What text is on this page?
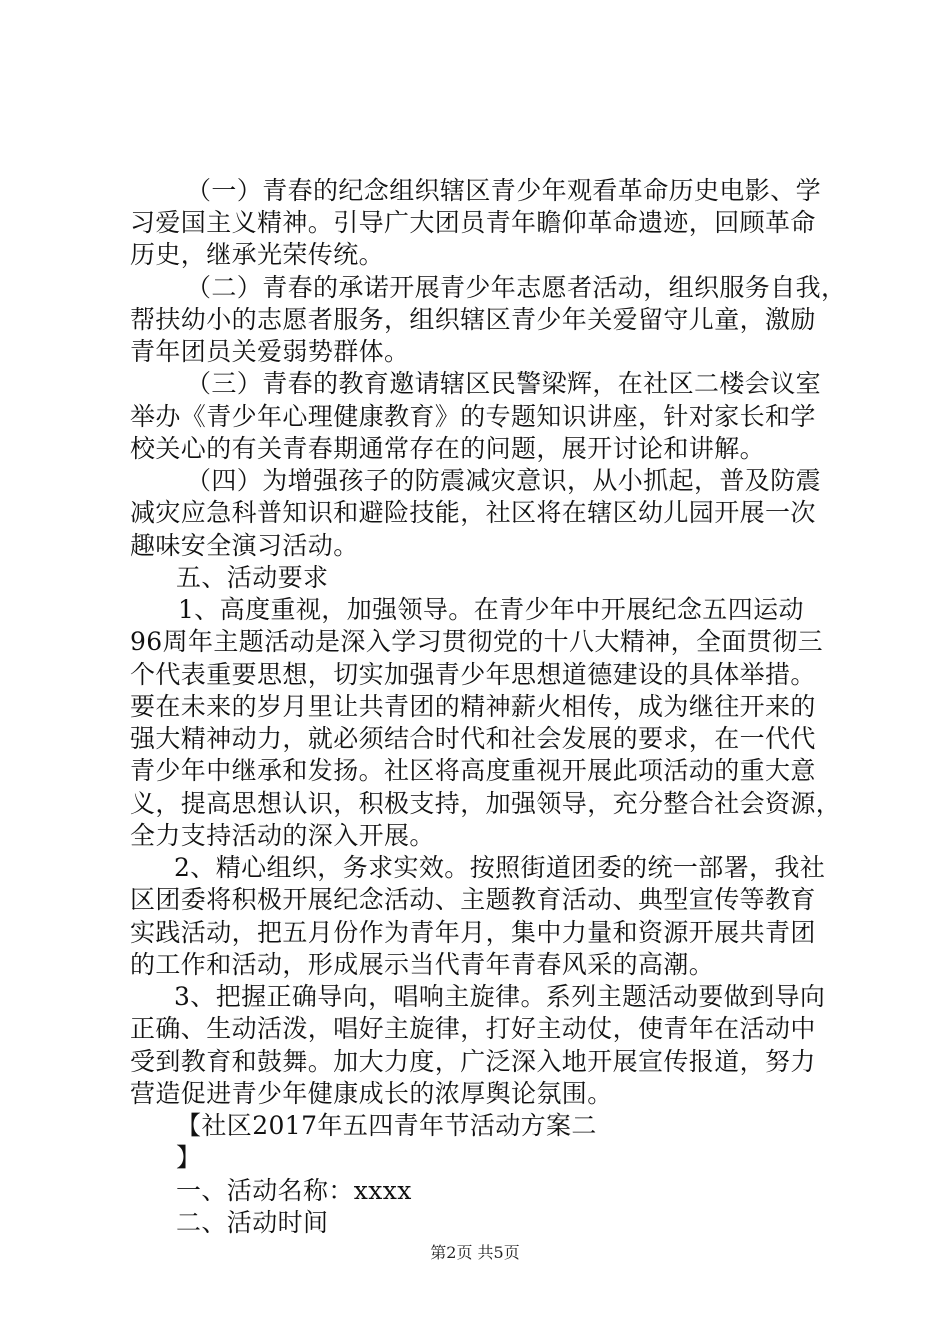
（一）青春的纪念组织辖区青少年观看革命历史电影、学
习爱国主义精神。引导广大团员青年瞻仰革命遗迹，回顾革命
历史，继承光荣传统。
（二）青春的承诺开展青少年志愿者活动，组织服务自我，
帮扶幼小的志愿者服务，组织辖区青少年关爱留守儿童，激励
青年团员关爱弱势群体。
（三）青春的教育邀请辖区民警梁辉，在社区二楼会议室
举办《青少年心理健康教育》的专题知识讲座，针对家长和学
校关心的有关青春期通常存在的问题，展开讨论和讲解。
（四）为增强孩子的防震减灾意识，从小抓起，普及防震
减灾应急科普知识和避险技能，社区将在辖区幼儿园开展一次
趣味安全演习活动。
五、活动要求
1、高度重视，加强领导。在青少年中开展纪念五四运动
96周年主题活动是深入学习贯彻党的十八大精神，全面贯彻三
个代表重要思想，切实加强青少年思想道德建设的具体举措。
要在未来的岁月里让共青团的精神薪火相传，成为继往开来的
强大精神动力，就必须结合时代和社会发展的要求，在一代代
青少年中继承和发扬。社区将高度重视开展此项活动的重大意
义，提高思想认识，积极支持，加强领导，充分整合社会资源，
全力支持活动的深入开展。
2、精心组织，务求实效。按照街道团委的统一部署，我社
区团委将积极开展纪念活动、主题教育活动、典型宣传等教育
实践活动，把五月份作为青年月，集中力量和资源开展共青团
的工作和活动，形成展示当代青年青春风采的高潮。
3、把握正确导向，唱响主旋律。系列主题活动要做到导向
正确、生动活泼，唱好主旋律，打好主动仗，使青年在活动中
受到教育和鼓舞。加大力度，广泛深入地开展宣传报道，努力
营造促进青少年健康成长的浓厚舆论氛围。
【社区2017年五四青年节活动方案二
】
一、活动名称：xxxx
二、活动时间
第2页 共5页
